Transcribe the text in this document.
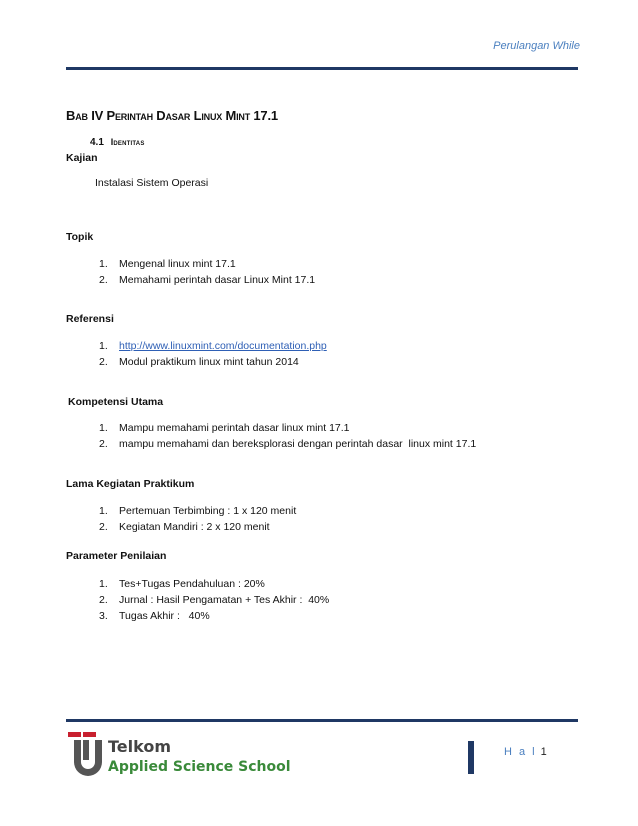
Perulangan While
Bab IV Perintah Dasar Linux Mint 17.1
4.1 Identitas
Kajian
Instalasi Sistem Operasi
Topik
1. Mengenal linux mint 17.1
2. Memahami perintah dasar Linux Mint 17.1
Referensi
1. http://www.linuxmint.com/documentation.php
2. Modul praktikum linux mint tahun 2014
Kompetensi Utama
1. Mampu memahami perintah dasar linux mint 17.1
2. mampu memahami dan bereksplorasi dengan perintah dasar  linux mint 17.1
Lama Kegiatan Praktikum
1. Pertemuan Terbimbing : 1 x 120 menit
2. Kegiatan Mandiri : 2 x 120 menit
Parameter Penilaian
1. Tes+Tugas Pendahuluan : 20%
2. Jurnal : Hasil Pengamatan + Tes Akhir :  40%
3. Tugas Akhir :   40%
Telkom
Applied Science School
H a l 1
